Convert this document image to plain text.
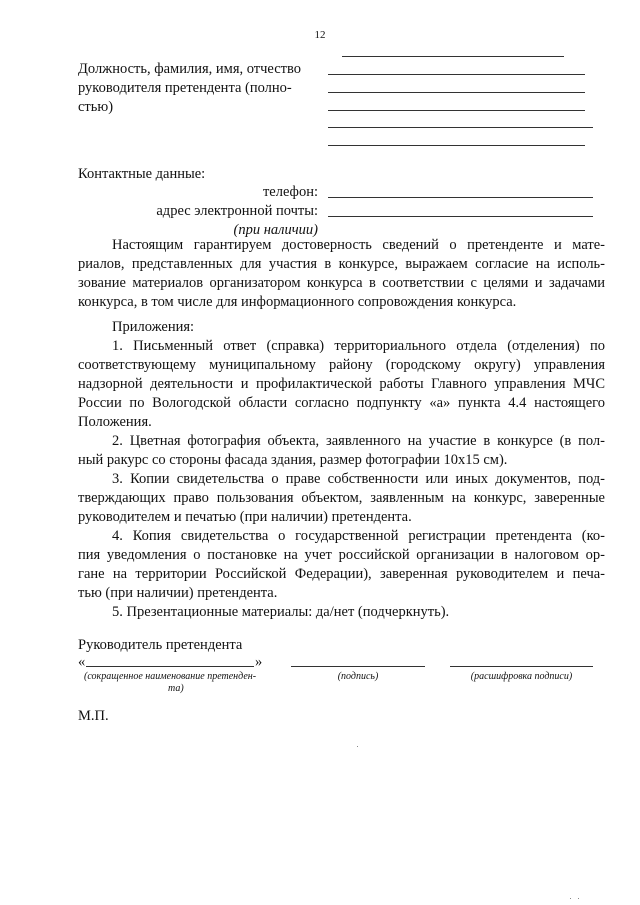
12
Должность, фамилия, имя, отчество
руководителя претендента (полно-
стью)
Контактные данные:
телефон:
адрес электронной почты:
(при наличии)
Настоящим гарантируем достоверность сведений о претенденте и мате-
риалов, представленных для участия в конкурсе, выражаем согласие на исполь-
зование материалов организатором конкурса в соответствии с целями и задачами
конкурса, в том числе для информационного сопровождения конкурса.
Приложения:
1. Письменный ответ (справка) территориального отдела (отделения) по
соответствующему муниципальному району (городскому округу) управления
надзорной деятельности и профилактической работы Главного управления МЧС
России по Вологодской области согласно подпункту «а» пункта 4.4 настоящего
Положения.
2. Цветная фотография объекта, заявленного на участие в конкурсе (в пол-
ный ракурс со стороны фасада здания, размер фотографии 10х15 см).
3. Копии свидетельства о праве собственности или иных документов, под-
тверждающих право пользования объектом, заявленным на конкурс, заверенные
руководителем и печатью (при наличии) претендента.
4. Копия свидетельства о государственной регистрации претендента (ко-
пия уведомления о постановке на учет российской организации в налоговом ор-
гане на территории Российской Федерации), заверенная руководителем и печа-
тью (при наличии) претендента.
5. Презентационные материалы: да/нет (подчеркнуть).
Руководитель претендента
«	»
(сокращенное наименование претенден-
та)
(подпись)	(расшифровка подписи)
М.П.
